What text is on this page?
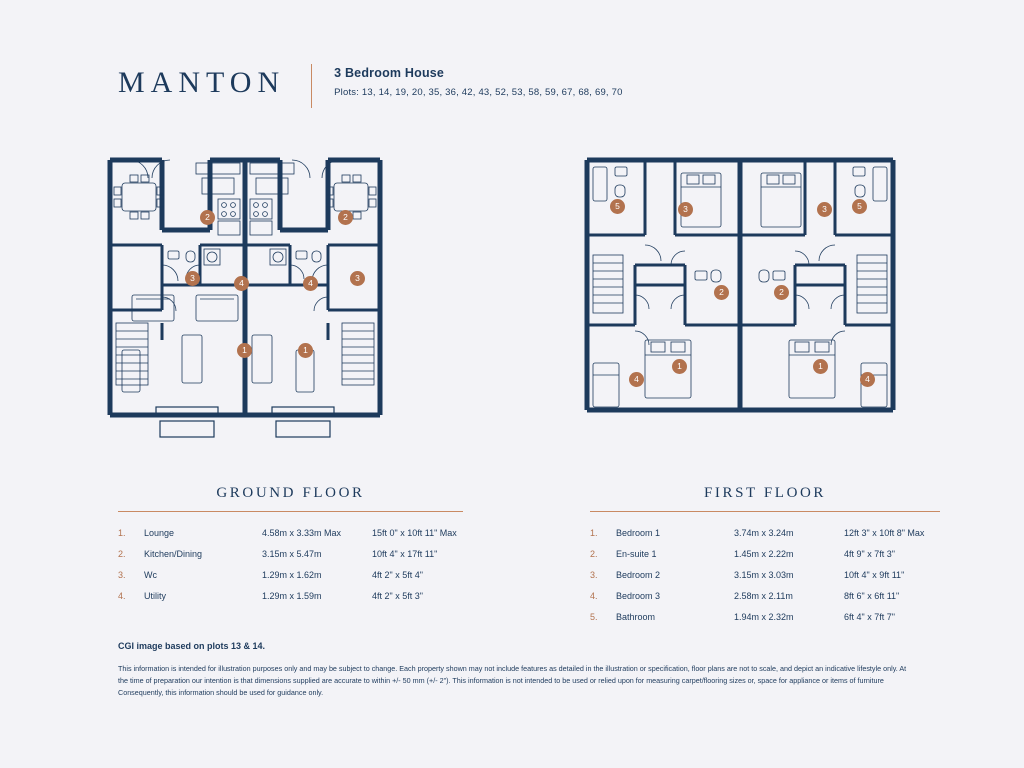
MANTON	3 Bedroom House
Plots: 13, 14, 19, 20, 35, 36, 42, 43, 52, 53, 58, 59, 67, 68, 69, 70
2	2
3	4	4	3
1	1
5	3	3	5
2	2
1
4
1
4
GROUND FLOOR
1.	Lounge	4.58m x 3.33m Max	15ft 0" x 10ft 11" Max
2.	Kitchen/Dining	3.15m x 5.47m	10ft 4" x 17ft 11"
3.	Wc	1.29m x 1.62m	4ft 2" x 5ft 4"
4.	Utility	1.29m x 1.59m	4ft 2" x 5ft 3"
FIRST FLOOR
1.	Bedroom 1	3.74m x 3.24m	12ft 3" x 10ft 8" Max
2.	En-suite 1	1.45m x 2.22m	4ft 9" x 7ft 3"
3.	Bedroom 2	3.15m x 3.03m	10ft 4" x 9ft 11"
4.	Bedroom 3	2.58m x 2.11m	8ft 6" x 6ft 11"
5.	Bathroom	1.94m x 2.32m	6ft 4" x 7ft 7"
CGI image based on plots 13 & 14.
This information is intended for illustration purposes only and may be subject to change. Each property shown may not include features as detailed in the illustration or specification, floor plans are not to scale, and depict an indicative lifestyle only. At the time of preparation our intention is that dimensions supplied are accurate to within +/- 50 mm (+/- 2"). This information is not intended to be used or relied upon for measuring carpet/flooring sizes or, space for appliance or items of furniture Consequently, this information should be used for guidance only.
